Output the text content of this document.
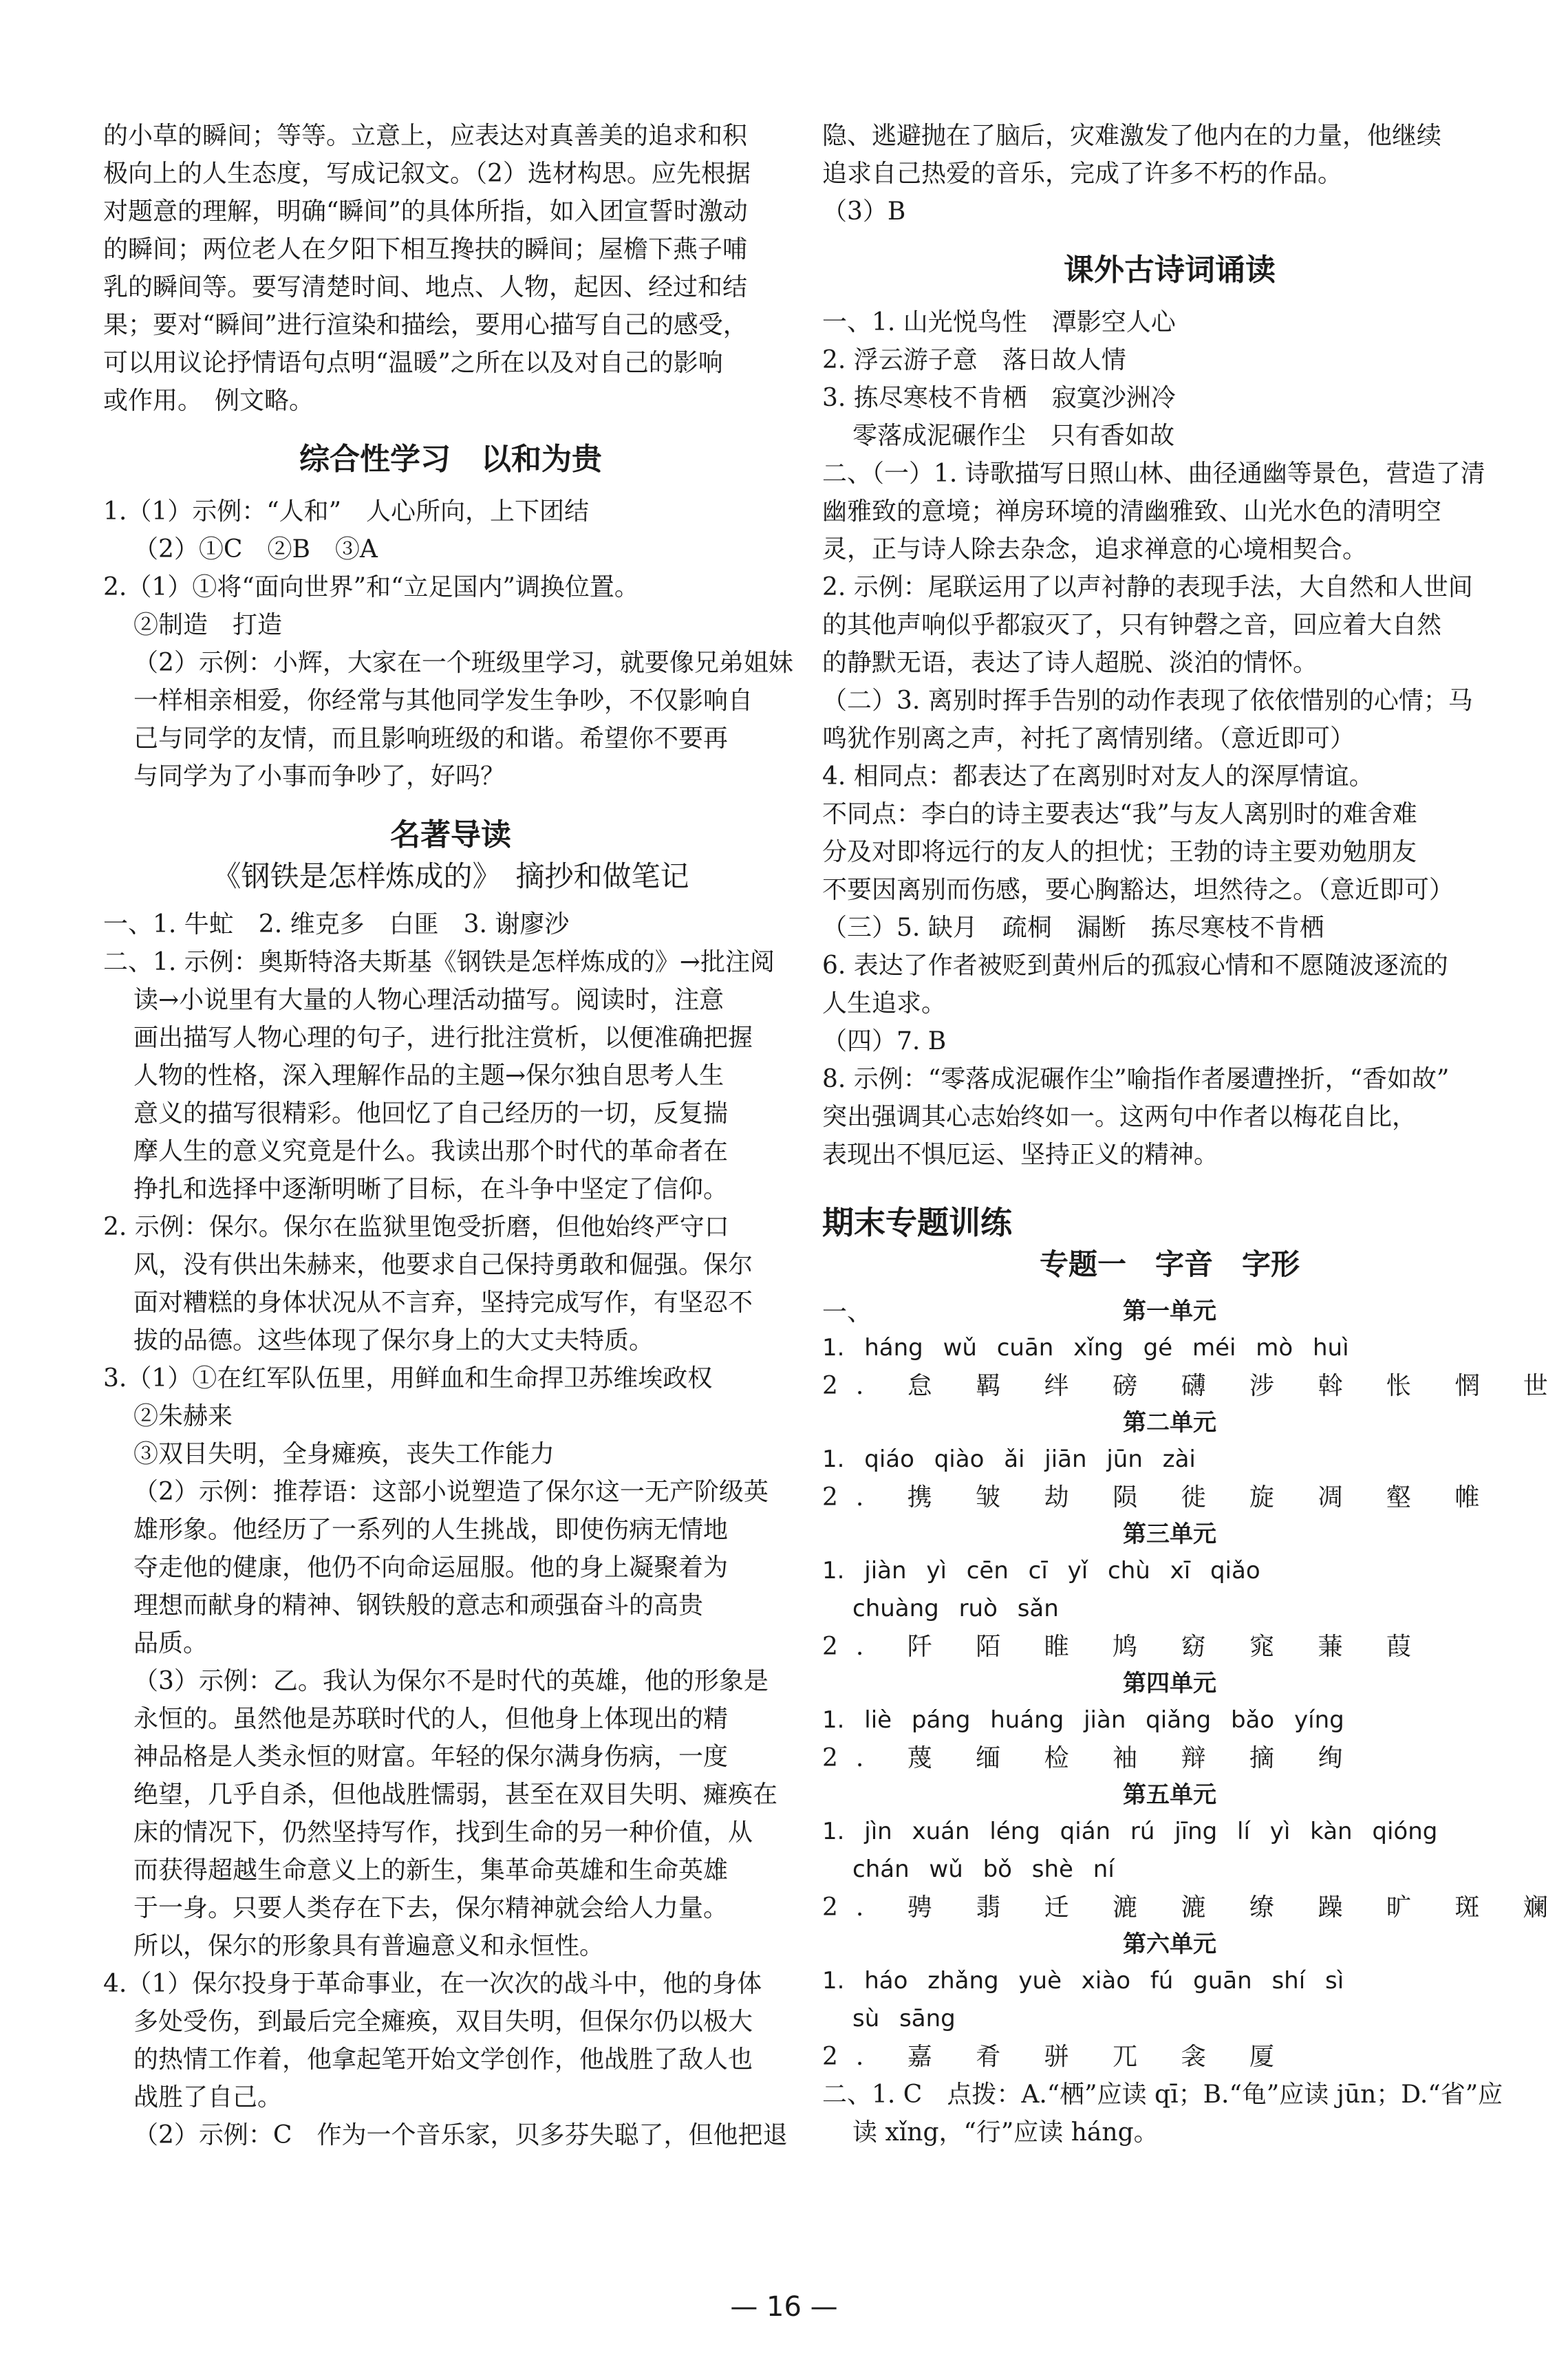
的小草的瞬间；等等。立意上，应表达对真善美的追求和积
极向上的人生态度，写成记叙文。（2）选材构思。应先根据
对题意的理解，明确“瞬间”的具体所指，如入团宣誓时激动
的瞬间；两位老人在夕阳下相互搀扶的瞬间；屋檐下燕子哺
乳的瞬间等。要写清楚时间、地点、人物，起因、经过和结
果；要对“瞬间”进行渲染和描绘，要用心描写自己的感受，
可以用议论抒情语句点明“温暖”之所在以及对自己的影响
或作用。　例文略。
综合性学习　以和为贵
1.（1）示例：“人和”　人心所向，上下团结
（2）①C　②B　③A
2.（1）①将“面向世界”和“立足国内”调换位置。
②制造　打造
（2）示例：小辉，大家在一个班级里学习，就要像兄弟姐妹
一样相亲相爱，你经常与其他同学发生争吵，不仅影响自
己与同学的友情，而且影响班级的和谐。希望你不要再
与同学为了小事而争吵了，好吗？
名著导读
《钢铁是怎样炼成的》　摘抄和做笔记
一、1. 牛虻　2. 维克多　白匪　3. 谢廖沙
二、1. 示例：奥斯特洛夫斯基《钢铁是怎样炼成的》→批注阅
读→小说里有大量的人物心理活动描写。阅读时，注意
画出描写人物心理的句子，进行批注赏析，以便准确把握
人物的性格，深入理解作品的主题→保尔独自思考人生
意义的描写很精彩。他回忆了自己经历的一切，反复揣
摩人生的意义究竟是什么。我读出那个时代的革命者在
挣扎和选择中逐渐明晰了目标，在斗争中坚定了信仰。
2. 示例：保尔。保尔在监狱里饱受折磨，但他始终严守口
风，没有供出朱赫来，他要求自己保持勇敢和倔强。保尔
面对糟糕的身体状况从不言弃，坚持完成写作，有坚忍不
拔的品德。这些体现了保尔身上的大丈夫特质。
3.（1）①在红军队伍里，用鲜血和生命捍卫苏维埃政权
②朱赫来
③双目失明，全身瘫痪，丧失工作能力
（2）示例：推荐语：这部小说塑造了保尔这一无产阶级英
雄形象。他经历了一系列的人生挑战，即使伤病无情地
夺走他的健康，他仍不向命运屈服。他的身上凝聚着为
理想而献身的精神、钢铁般的意志和顽强奋斗的高贵
品质。
（3）示例：乙。我认为保尔不是时代的英雄，他的形象是
永恒的。虽然他是苏联时代的人，但他身上体现出的精
神品格是人类永恒的财富。年轻的保尔满身伤病，一度
绝望，几乎自杀，但他战胜懦弱，甚至在双目失明、瘫痪在
床的情况下，仍然坚持写作，找到生命的另一种价值，从
而获得超越生命意义上的新生，集革命英雄和生命英雄
于一身。只要人类存在下去，保尔精神就会给人力量。
所以，保尔的形象具有普遍意义和永恒性。
4.（1）保尔投身于革命事业，在一次次的战斗中，他的身体
多处受伤，到最后完全瘫痪，双目失明，但保尔仍以极大
的热情工作着，他拿起笔开始文学创作，他战胜了敌人也
战胜了自己。
（2）示例：C　作为一个音乐家，贝多芬失聪了，但他把退
隐、逃避抛在了脑后，灾难激发了他内在的力量，他继续
追求自己热爱的音乐，完成了许多不朽的作品。
（3）B
课外古诗词诵读
一、1. 山光悦鸟性　潭影空人心
2. 浮云游子意　落日故人情
3. 拣尽寒枝不肯栖　寂寞沙洲冷
零落成泥碾作尘　只有香如故
二、（一）1. 诗歌描写日照山林、曲径通幽等景色，营造了清
幽雅致的意境；禅房环境的清幽雅致、山光水色的清明空
灵，正与诗人除去杂念，追求禅意的心境相契合。
2. 示例：尾联运用了以声衬静的表现手法，大自然和人世间
的其他声响似乎都寂灭了，只有钟磬之音，回应着大自然
的静默无语，表达了诗人超脱、淡泊的情怀。
（二）3. 离别时挥手告别的动作表现了依依惜别的心情；马
鸣犹作别离之声，衬托了离情别绪。（意近即可）
4. 相同点：都表达了在离别时对友人的深厚情谊。
不同点：李白的诗主要表达“我”与友人离别时的难舍难
分及对即将远行的友人的担忧；王勃的诗主要劝勉朋友
不要因离别而伤感，要心胸豁达，坦然待之。（意近即可）
（三）5. 缺月　疏桐　漏断　拣尽寒枝不肯栖
6. 表达了作者被贬到黄州后的孤寂心情和不愿随波逐流的
人生追求。
（四）7. B
8. 示例：“零落成泥碾作尘”喻指作者屡遭挫折，“香如故”
突出强调其心志始终如一。这两句中作者以梅花自比，
表现出不惧厄运、坚持正义的精神。
期末专题训练
专题一　字音　字形
一、	第一单元
1. háng wǔ cuān xǐng gé méi mò huì
2. 怠 羁 绊 磅 礴 涉 斡 怅 惘 世
第二单元
1. qiáo qiào ǎi jiān jūn zài
2. 携 皱 劫 陨 徙 旋 凋 壑 帷
第三单元
1. jiàn yì cēn cī yǐ chù xī qiǎo
chuàng ruò sǎn
2. 阡 陌 睢 鸠 窈 窕 蒹 葭
第四单元
1. liè páng huáng jiàn qiǎng bǎo yíng
2. 蔑 缅 检 袖 辩 摘 绚
第五单元
1. jìn xuán léng qián rú jīng lí yì kàn qióng
chán wǔ bǒ shè ní
2. 骋 翡 迁 漉 漉 缭 躁 旷 斑 斓
第六单元
1. háo zhǎng yuè xiào fú guān shí sì
sù sāng
2. 嘉 肴 骈 兀 衾 厦
二、1. C　点拨：A.“栖”应读 qī；B.“龟”应读 jūn；D.“省”应
读 xǐng，“行”应读 háng。
— 16 —
